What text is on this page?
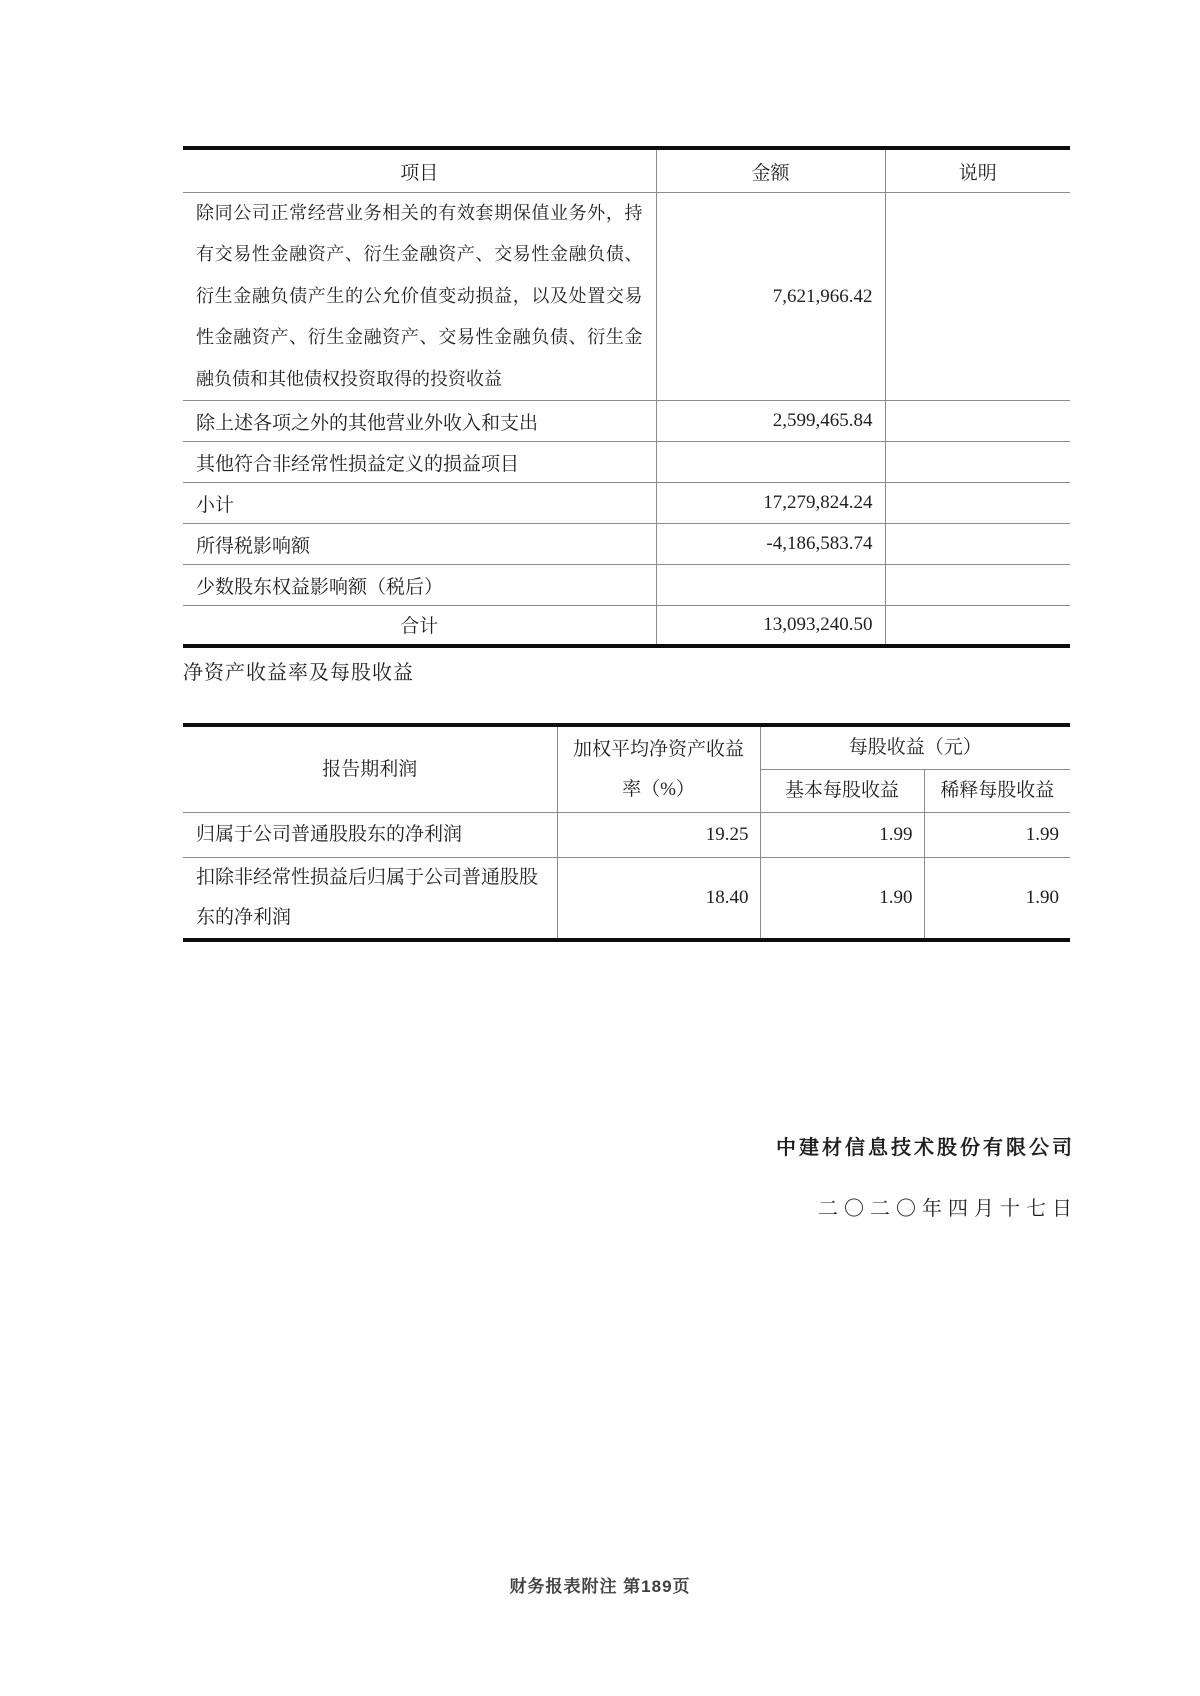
项目	金额	说明
除同公司正常经营业务相关的有效套期保值业务外，持有交易性金融资产、衍生金融资产、交易性金融负债、衍生金融负债产生的公允价值变动损益，以及处置交易性金融资产、衍生金融资产、交易性金融负债、衍生金融负债和其他债权投资取得的投资收益	7,621,966.42	
除上述各项之外的其他营业外收入和支出	2,599,465.84	
其他符合非经常性损益定义的损益项目		
小计	17,279,824.24	
所得税影响额	-4,186,583.74	
少数股东权益影响额（税后）		
合计	13,093,240.50	
净资产收益率及每股收益
报告期利润	加权平均净资产收益率（%）	每股收益（元）	
		基本每股收益	稀释每股收益
归属于公司普通股股东的净利润	19.25	1.99	1.99
扣除非经常性损益后归属于公司普通股股东的净利润	18.40	1.90	1.90
中建材信息技术股份有限公司
二〇二〇年四月十七日
财务报表附注 第189页
